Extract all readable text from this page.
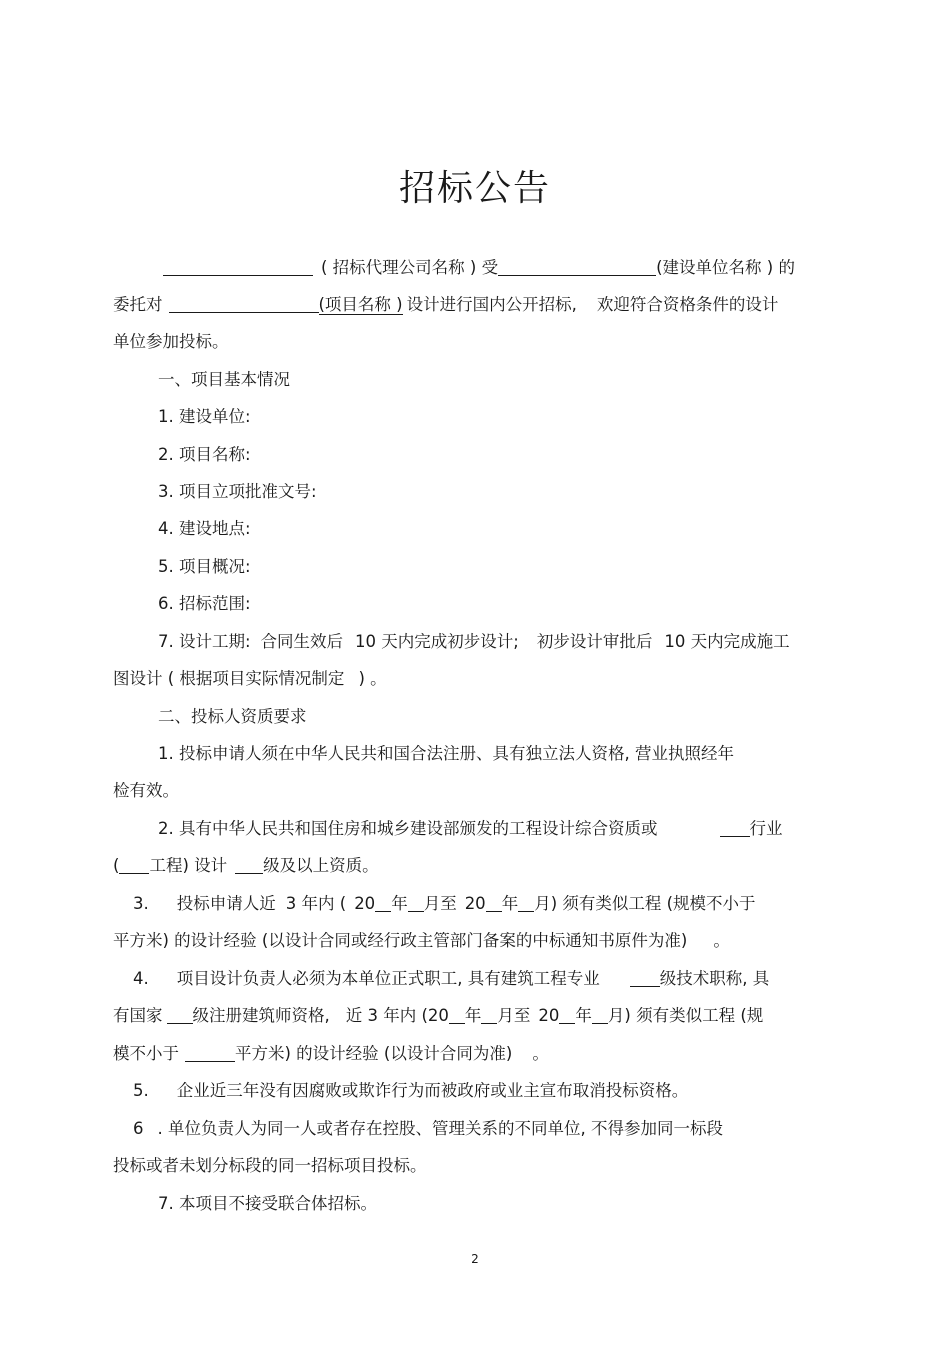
招标公告
( 招标代理公司名称 ) 受	(建设单位名称 ) 的
委托对	(项目名称 ) 设计进行国内公开招标, 欢迎符合资格条件的设计
单位参加投标。
一、项目基本情况
1. 建设单位:
2. 项目名称:
3. 项目立项批准文号:
4. 建设地点:
5. 项目概况:
6. 招标范围:
7. 设计工期: 合同生效后 10 天内完成初步设计; 初步设计审批后 10 天内完成施工
图设计 ( 根据项目实际情况制定 ) 。
二、投标人资质要求
1. 投标申请人须在中华人民共和国合法注册、具有独立法人资格, 营业执照经年
检有效。
2. 具有中华人民共和国住房和城乡建设部颁发的工程设计综合资质或	行业
( 工程) 设计 级及以上资质。
3. 投标申请人近 3 年内 ( 20 年 月至 20 年 月) 须有类似工程 (规模不小于
平方米) 的设计经验 (以设计合同或经行政主管部门备案的中标通知书原件为准) 。
4. 项目设计负责人必须为本单位正式职工, 具有建筑工程专业	级技术职称, 具
有国家 级注册建筑师资格, 近 3 年内 (20 年 月至 20 年 月) 须有类似工程 (规
模不小于	平方米) 的设计经验 (以设计合同为准) 。
5. 企业近三年没有因腐败或欺诈行为而被政府或业主宣布取消投标资格。
6 . 单位负责人为同一人或者存在控股、管理关系的不同单位, 不得参加同一标段
投标或者未划分标段的同一招标项目投标。
7. 本项目不接受联合体招标。
2
